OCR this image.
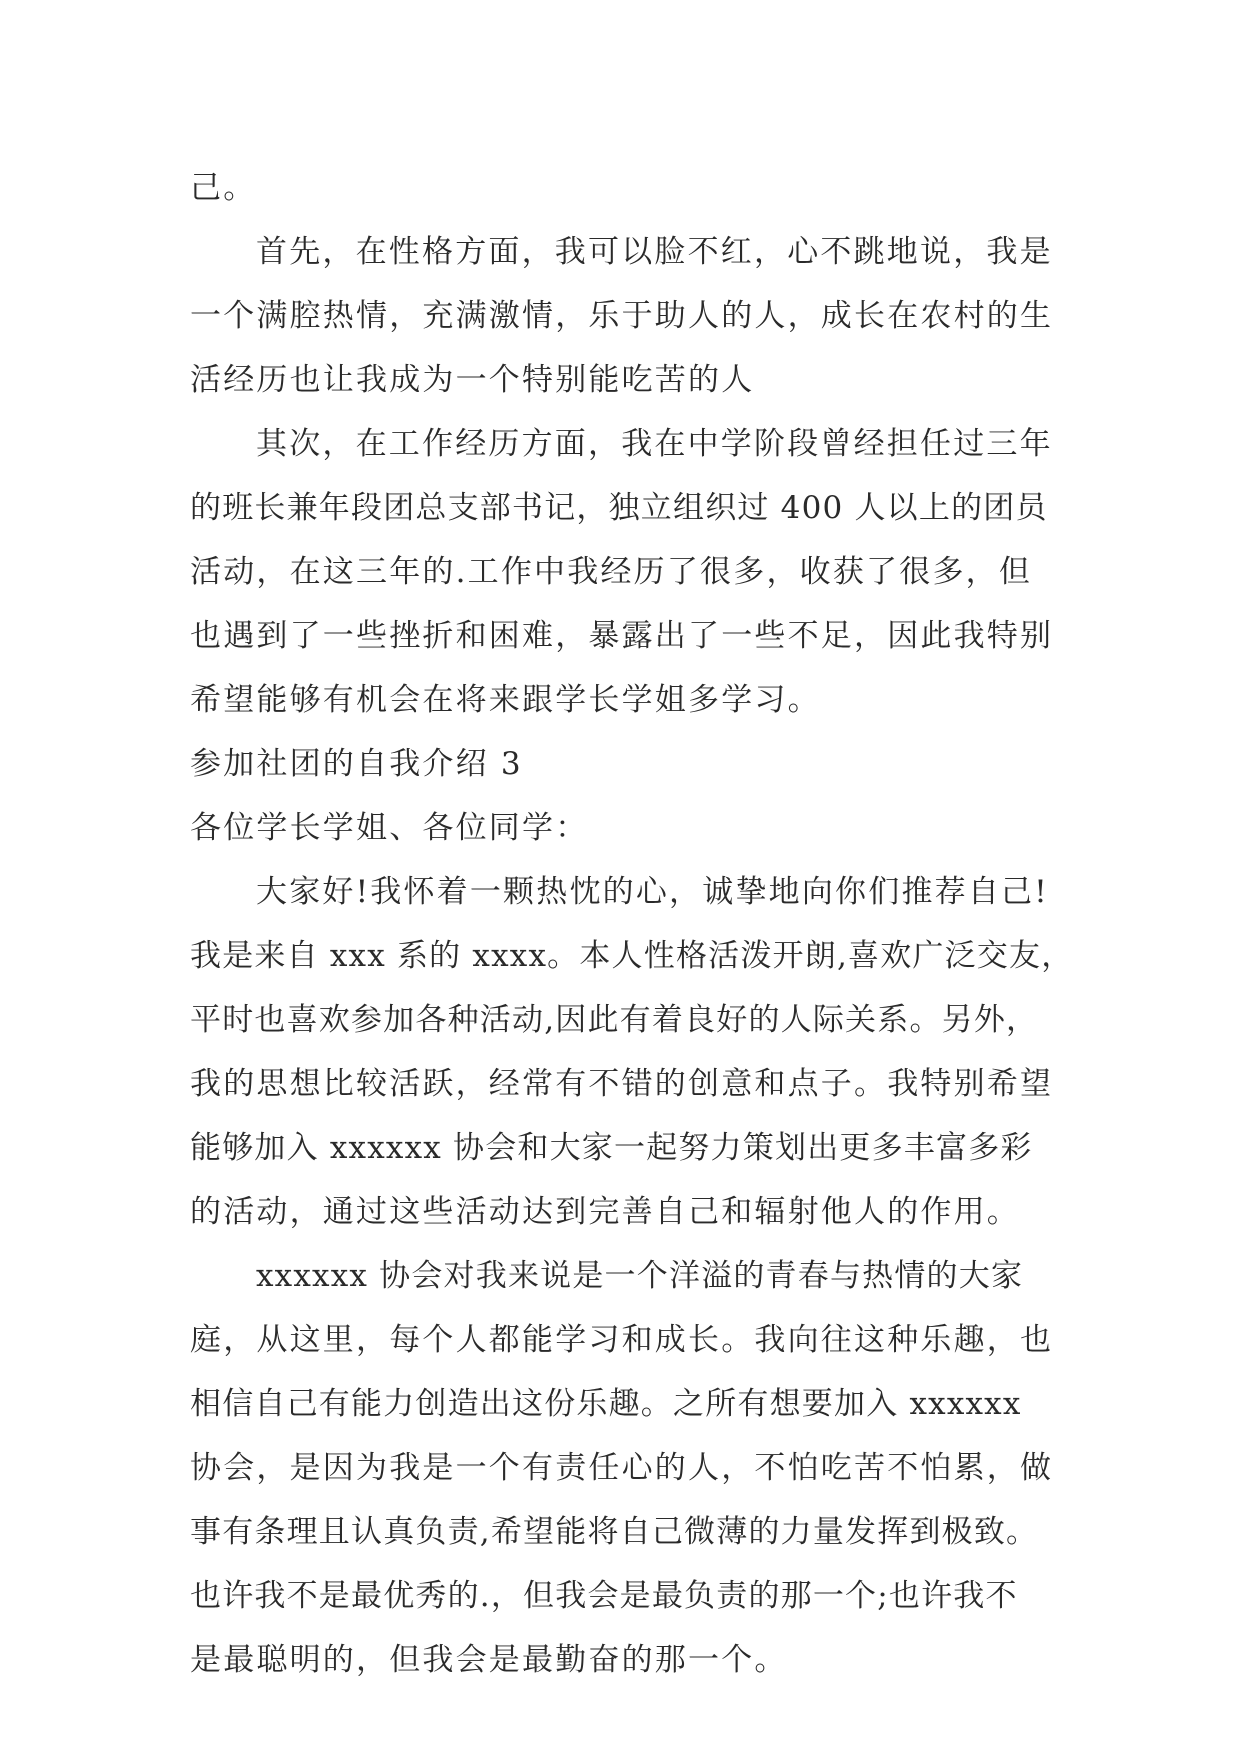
己。
首先，在性格方面，我可以脸不红，心不跳地说，我是
一个满腔热情，充满激情，乐于助人的人，成长在农村的生
活经历也让我成为一个特别能吃苦的人
其次，在工作经历方面，我在中学阶段曾经担任过三年
的班长兼年段团总支部书记，独立组织过 400 人以上的团员
活动，在这三年的.工作中我经历了很多，收获了很多，但
也遇到了一些挫折和困难，暴露出了一些不足，因此我特别
希望能够有机会在将来跟学长学姐多学习。
参加社团的自我介绍 3
各位学长学姐、各位同学：
大家好!我怀着一颗热忱的心，诚挚地向你们推荐自己!
我是来自 xxx 系的 xxxx。本人性格活泼开朗,喜欢广泛交友，
平时也喜欢参加各种活动,因此有着良好的人际关系。另外，
我的思想比较活跃，经常有不错的创意和点子。我特别希望
能够加入 xxxxxx 协会和大家一起努力策划出更多丰富多彩
的活动，通过这些活动达到完善自己和辐射他人的作用。
xxxxxx 协会对我来说是一个洋溢的青春与热情的大家
庭，从这里，每个人都能学习和成长。我向往这种乐趣，也
相信自己有能力创造出这份乐趣。之所有想要加入 xxxxxx
协会，是因为我是一个有责任心的人，不怕吃苦不怕累，做
事有条理且认真负责,希望能将自己微薄的力量发挥到极致。
也许我不是最优秀的.，但我会是最负责的那一个;也许我不
是最聪明的，但我会是最勤奋的那一个。
